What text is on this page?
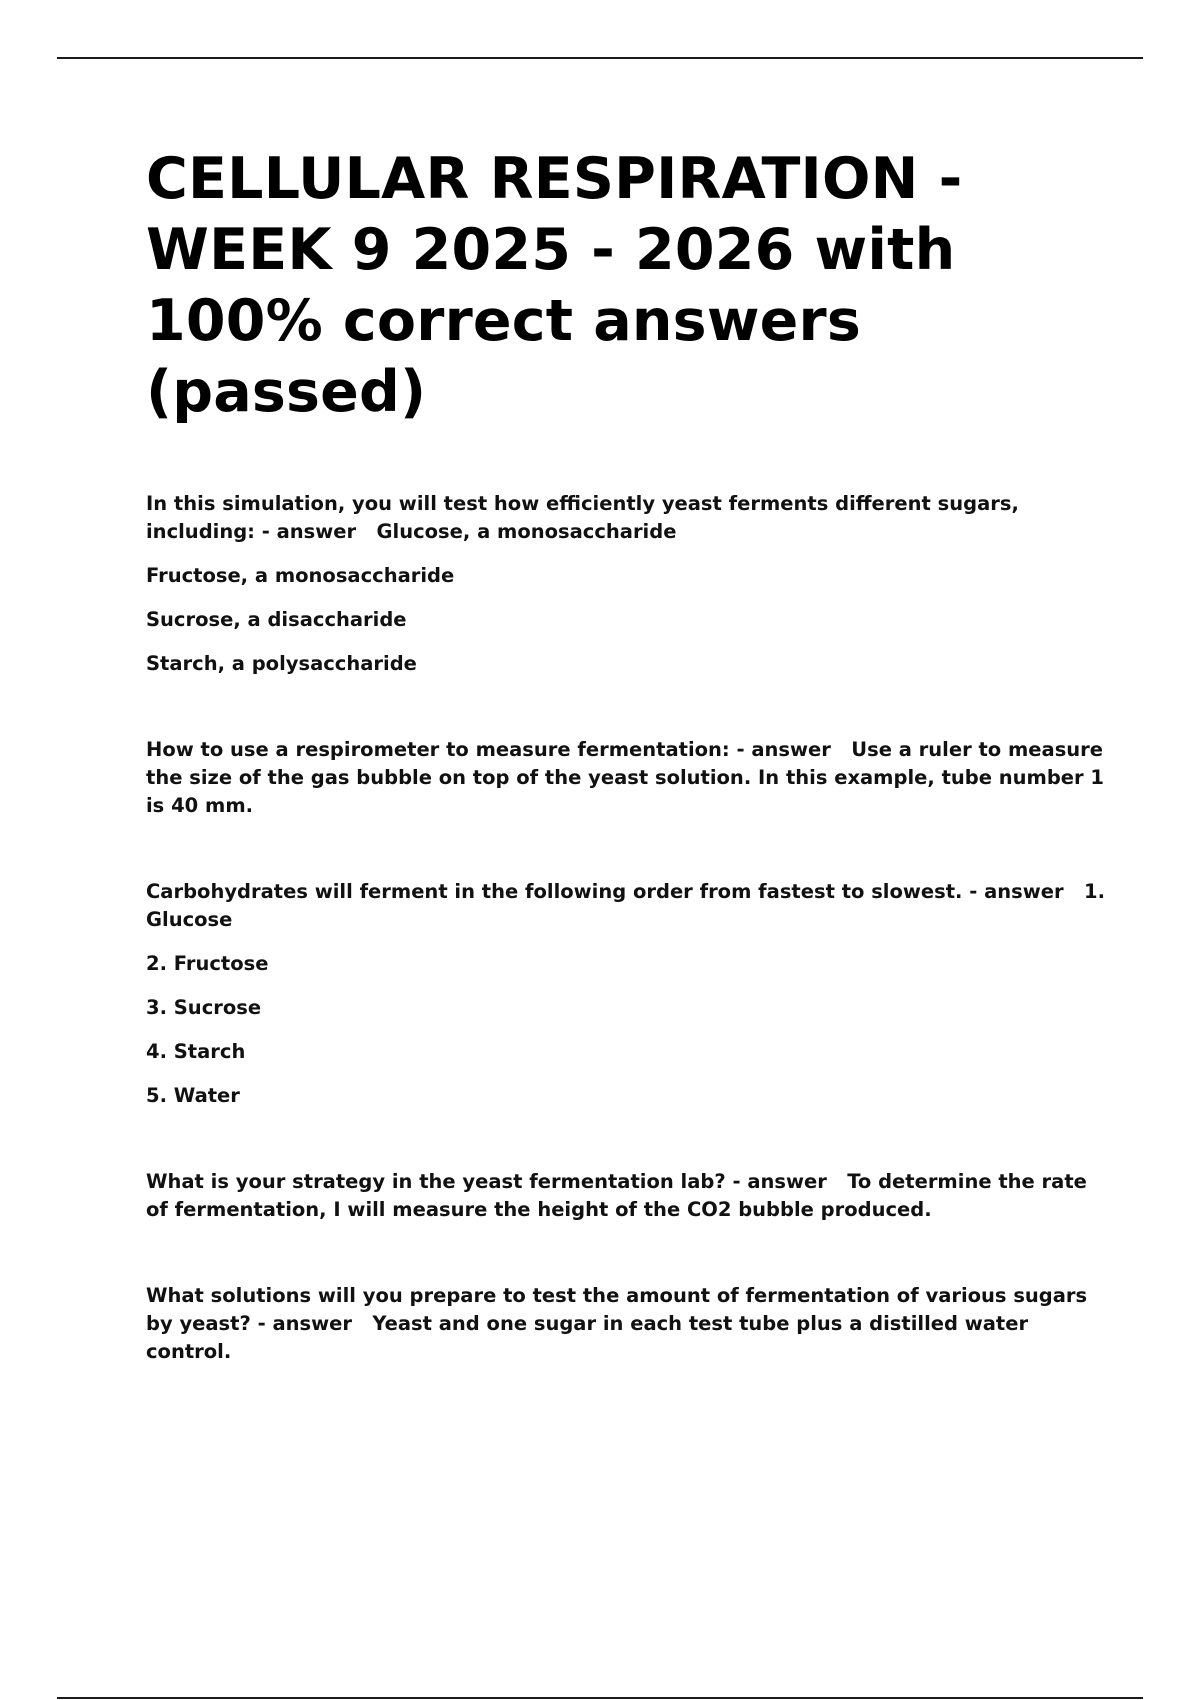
CELLULAR RESPIRATION - WEEK 9 2025 - 2026 with 100% correct answers (passed)

In this simulation, you will test how efficiently yeast ferments different sugars, including: - answer   Glucose, a monosaccharide

Fructose, a monosaccharide

Sucrose, a disaccharide

Starch, a polysaccharide

How to use a respirometer to measure fermentation: - answer   Use a ruler to measure the size of the gas bubble on top of the yeast solution. In this example, tube number 1 is 40 mm.

Carbohydrates will ferment in the following order from fastest to slowest. - answer   1. Glucose

2. Fructose

3. Sucrose

4. Starch

5. Water

What is your strategy in the yeast fermentation lab? - answer   To determine the rate of fermentation, I will measure the height of the CO2 bubble produced.

What solutions will you prepare to test the amount of fermentation of various sugars by yeast? - answer   Yeast and one sugar in each test tube plus a distilled water control.
